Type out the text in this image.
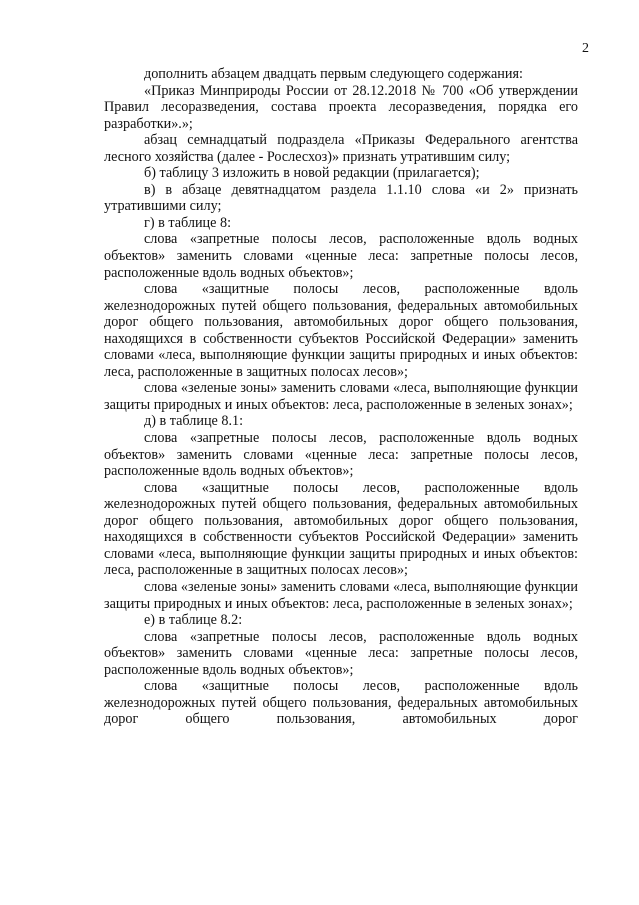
2

дополнить абзацем двадцать первым следующего содержания:

«Приказ Минприроды России от 28.12.2018 № 700 «Об утверждении Правил лесоразведения, состава проекта лесоразведения, порядка его разработки».»;

абзац семнадцатый подраздела «Приказы Федерального агентства лесного хозяйства (далее - Рослесхоз)» признать утратившим силу;

б) таблицу 3 изложить в новой редакции (прилагается);

в) в абзаце девятнадцатом раздела 1.1.10 слова «и 2» признать утратившими силу;

г) в таблице 8:

слова «запретные полосы лесов, расположенные вдоль водных объектов» заменить словами «ценные леса: запретные полосы лесов, расположенные вдоль водных объектов»;

слова «защитные полосы лесов, расположенные вдоль железнодорожных путей общего пользования, федеральных автомобильных дорог общего пользования, автомобильных дорог общего пользования, находящихся в собственности субъектов Российской Федерации» заменить словами «леса, выполняющие функции защиты природных и иных объектов: леса, расположенные в защитных полосах лесов»;

слова «зеленые зоны» заменить словами «леса, выполняющие функции защиты природных и иных объектов: леса, расположенные в зеленых зонах»;

д) в таблице 8.1:

слова «запретные полосы лесов, расположенные вдоль водных объектов» заменить словами «ценные леса: запретные полосы лесов, расположенные вдоль водных объектов»;

слова «защитные полосы лесов, расположенные вдоль железнодорожных путей общего пользования, федеральных автомобильных дорог общего пользования, автомобильных дорог общего пользования, находящихся в собственности субъектов Российской Федерации» заменить словами «леса, выполняющие функции защиты природных и иных объектов: леса, расположенные в защитных полосах лесов»;

слова «зеленые зоны» заменить словами «леса, выполняющие функции защиты природных и иных объектов: леса, расположенные в зеленых зонах»;

е) в таблице 8.2:

слова «запретные полосы лесов, расположенные вдоль водных объектов» заменить словами «ценные леса: запретные полосы лесов, расположенные вдоль водных объектов»;

слова «защитные полосы лесов, расположенные вдоль железнодорожных путей общего пользования, федеральных автомобильных дорог общего пользования, автомобильных дорог
